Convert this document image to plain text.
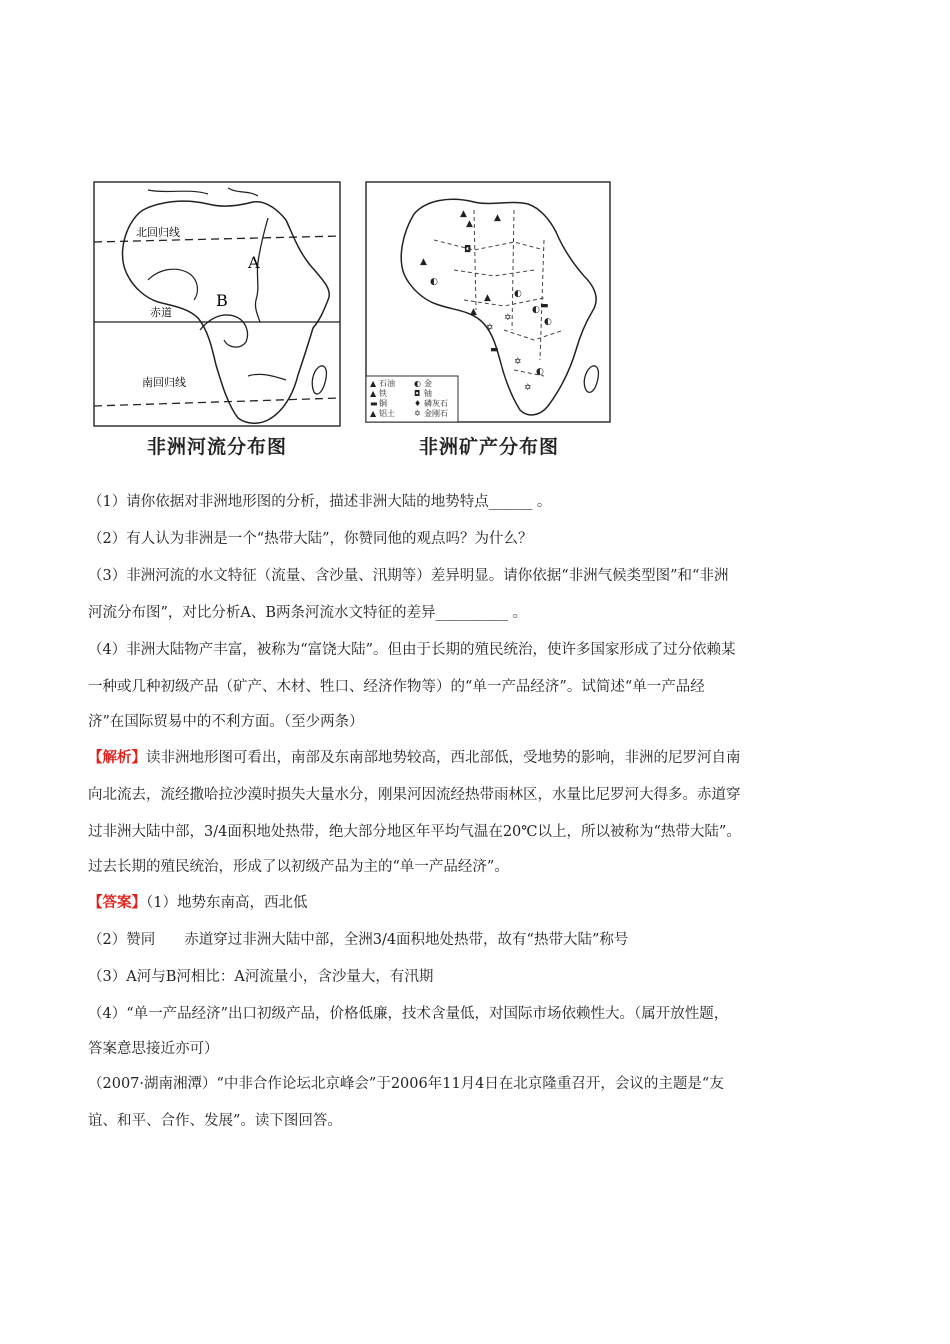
北回归线
赤道
南回归线
A
B
非洲河流分布图
▲
▲
▲
▲
◘
◐
◐
◐
◐
▬
✡
✡
✡
✡
▬
◐
▲
▲
▲ 石油 ◐ 金
▲ 铁	◘ 铀
▬ 铜	♦ 磷灰石
▲ 铝土 ✡ 金刚石
非洲矿产分布图

（1）请你依据对非洲地形图的分析，描述非洲大陆的地势特点______ 。

（2）有人认为非洲是一个“热带大陆”，你赞同他的观点吗？为什么？

（3）非洲河流的水文特征（流量、含沙量、汛期等）差异明显。请你依据“非洲气候类型图”和“非洲

河流分布图”，对比分析A、B两条河流水文特征的差异__________ 。

（4）非洲大陆物产丰富，被称为“富饶大陆”。但由于长期的殖民统治，使许多国家形成了过分依赖某

一种或几种初级产品（矿产、木材、牲口、经济作物等）的“单一产品经济”。试简述“单一产品经

济”在国际贸易中的不利方面。（至少两条）

【解析】读非洲地形图可看出，南部及东南部地势较高，西北部低，受地势的影响，非洲的尼罗河自南

向北流去，流经撒哈拉沙漠时损失大量水分，刚果河因流经热带雨林区，水量比尼罗河大得多。赤道穿

过非洲大陆中部，3/4面积地处热带，绝大部分地区年平均气温在20℃以上，所以被称为“热带大陆”。

过去长期的殖民统治，形成了以初级产品为主的“单一产品经济”。

【答案】（1）地势东南高，西北低

（2）赞同　　赤道穿过非洲大陆中部，全洲3/4面积地处热带，故有“热带大陆”称号

（3）A河与B河相比：A河流量小，含沙量大，有汛期

（4）“单一产品经济”出口初级产品，价格低廉，技术含量低，对国际市场依赖性大。（属开放性题，

答案意思接近亦可）

（2007·湖南湘潭）“中非合作论坛北京峰会”于2006年11月4日在北京隆重召开，会议的主题是“友

谊、和平、合作、发展”。读下图回答。
